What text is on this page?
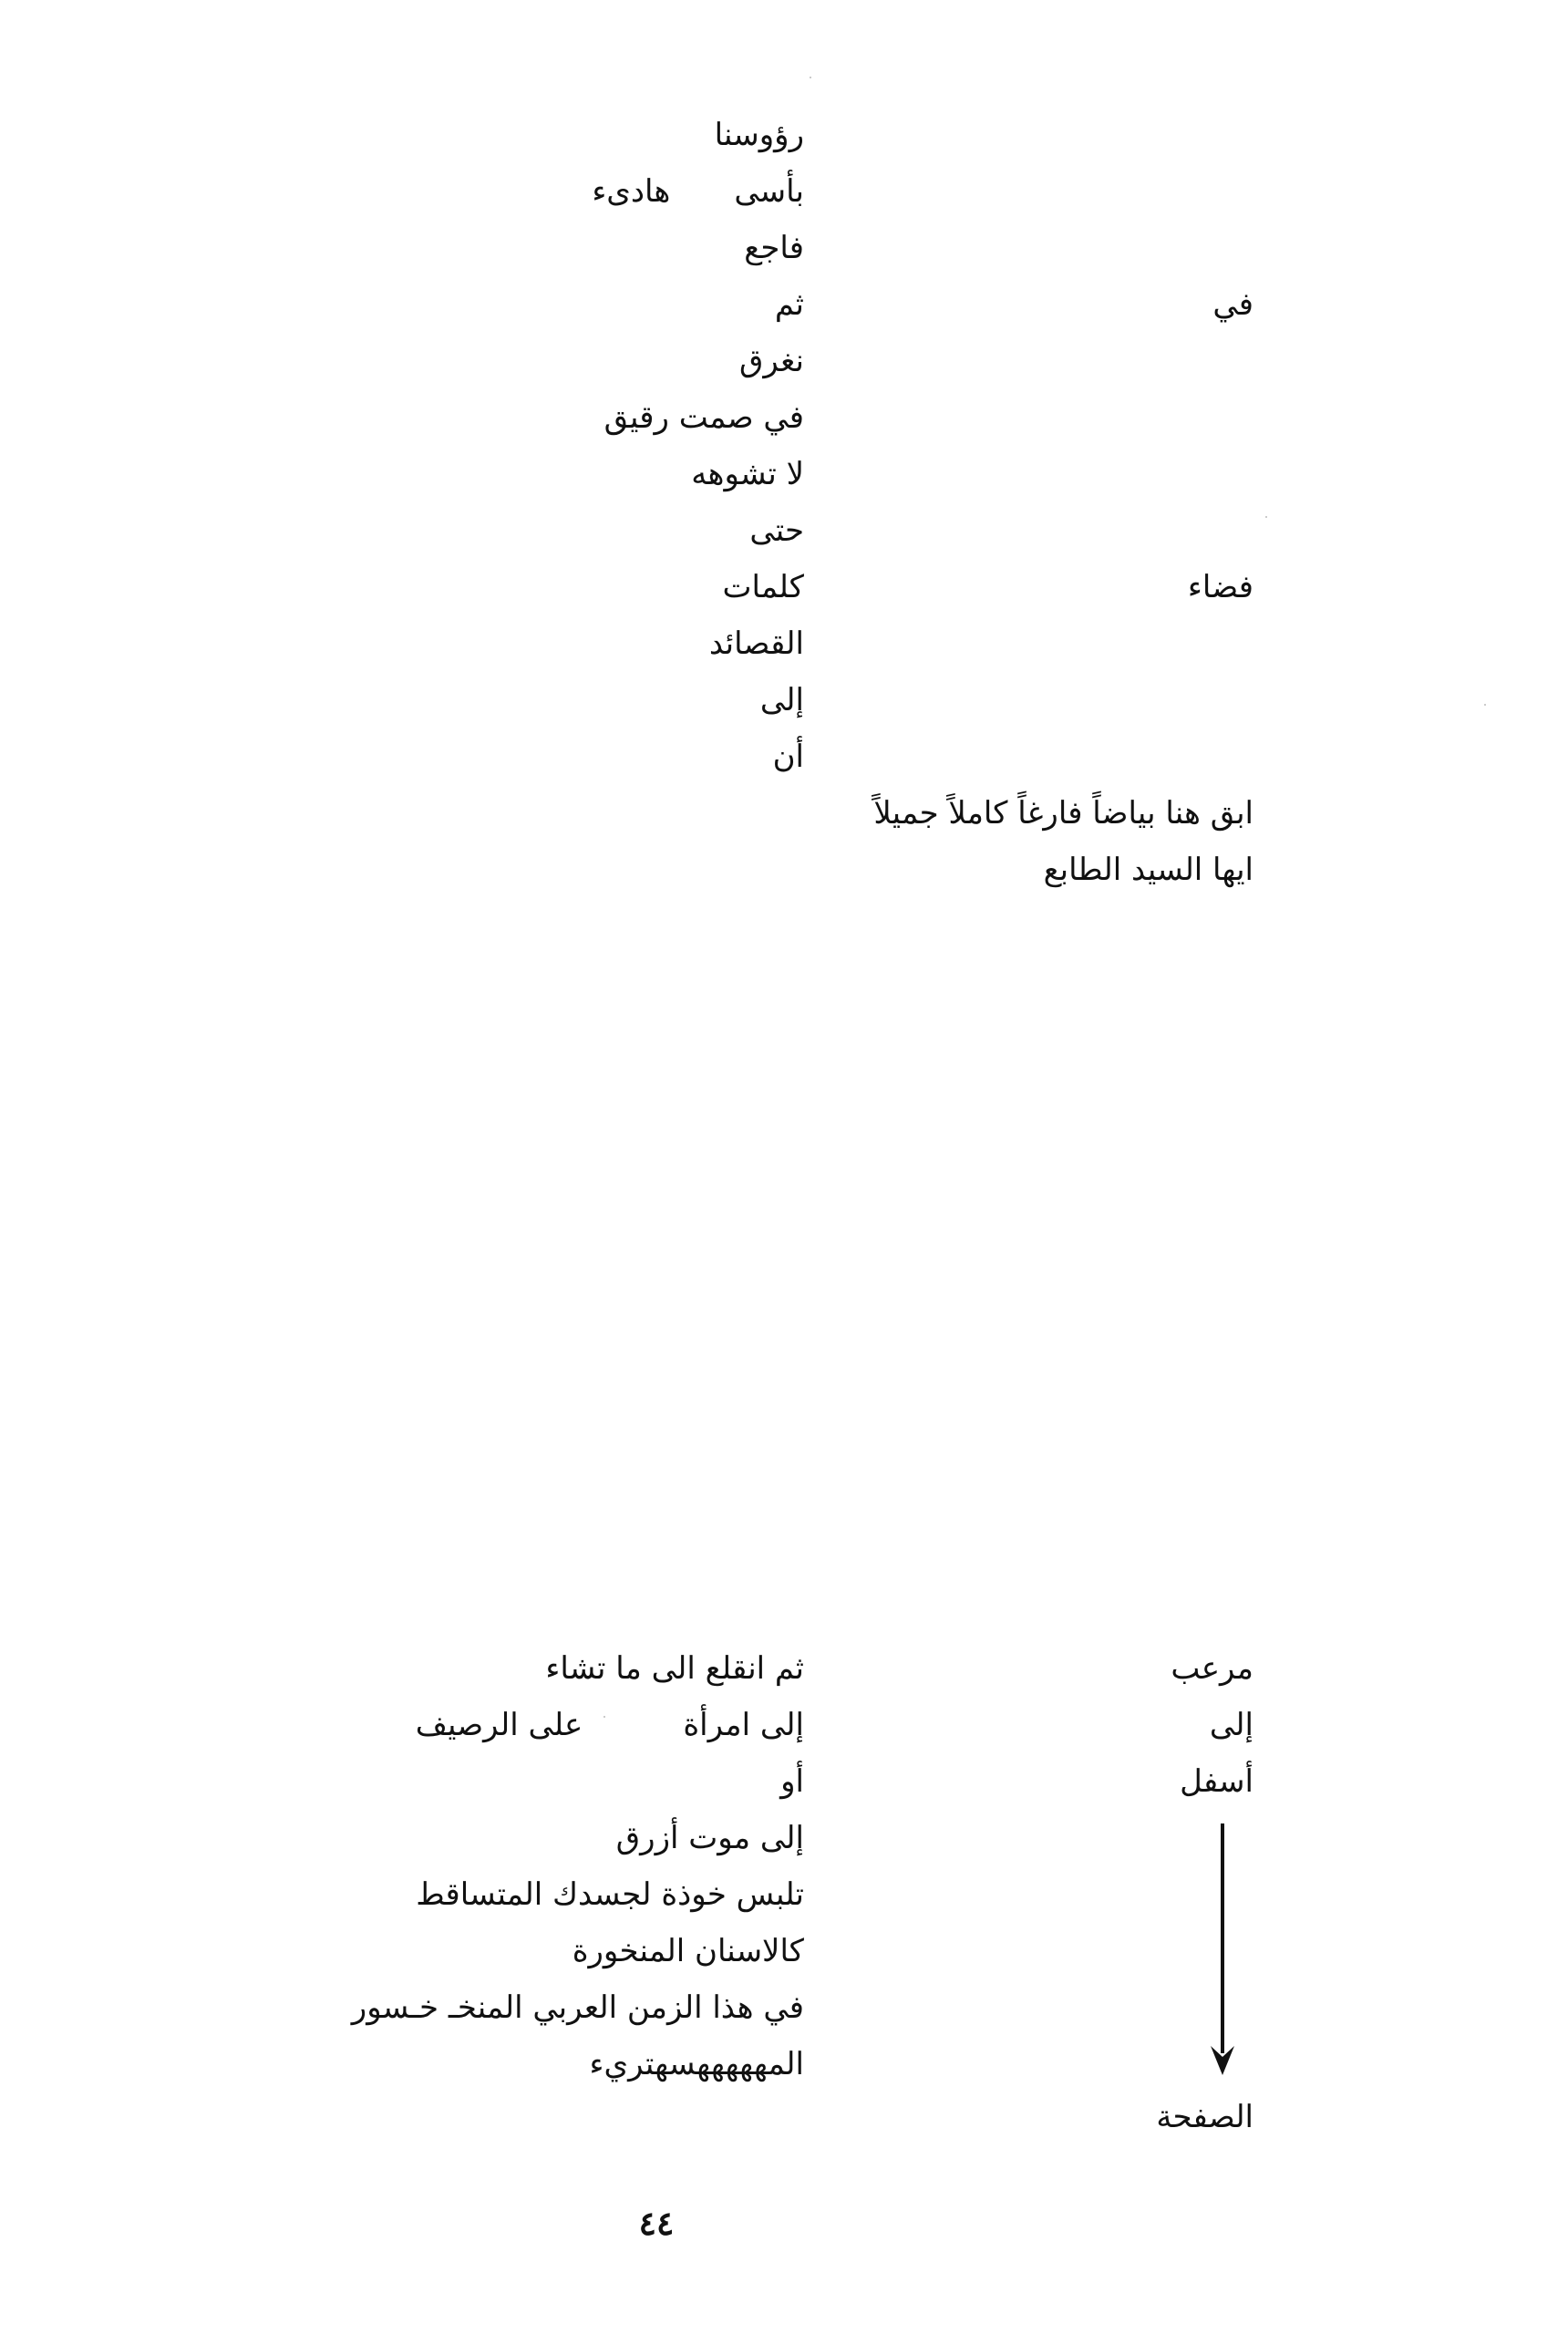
رؤوسنا
بأسىهادىء
فاجع
ثم
نغرق
في صمت رقيق
لا تشوهه
حتى
كلمات
القصائد
إلى
أن
في
فضاء
ابق هنا بياضاً فارغاً كاملاً جميلاً
ايها السيد الطابع
مرعب
إلى
أسفل
الصفحة
ثم انقلع الى ما تشاء
إلى امرأةعلى الرصيف
أو
إلى موت أزرق
تلبس خوذة لجسدك المتساقط
كالاسنان المنخورة
في هذا الزمن العربي المنخـ خـسور
المهههههسهتريء
٤٤
